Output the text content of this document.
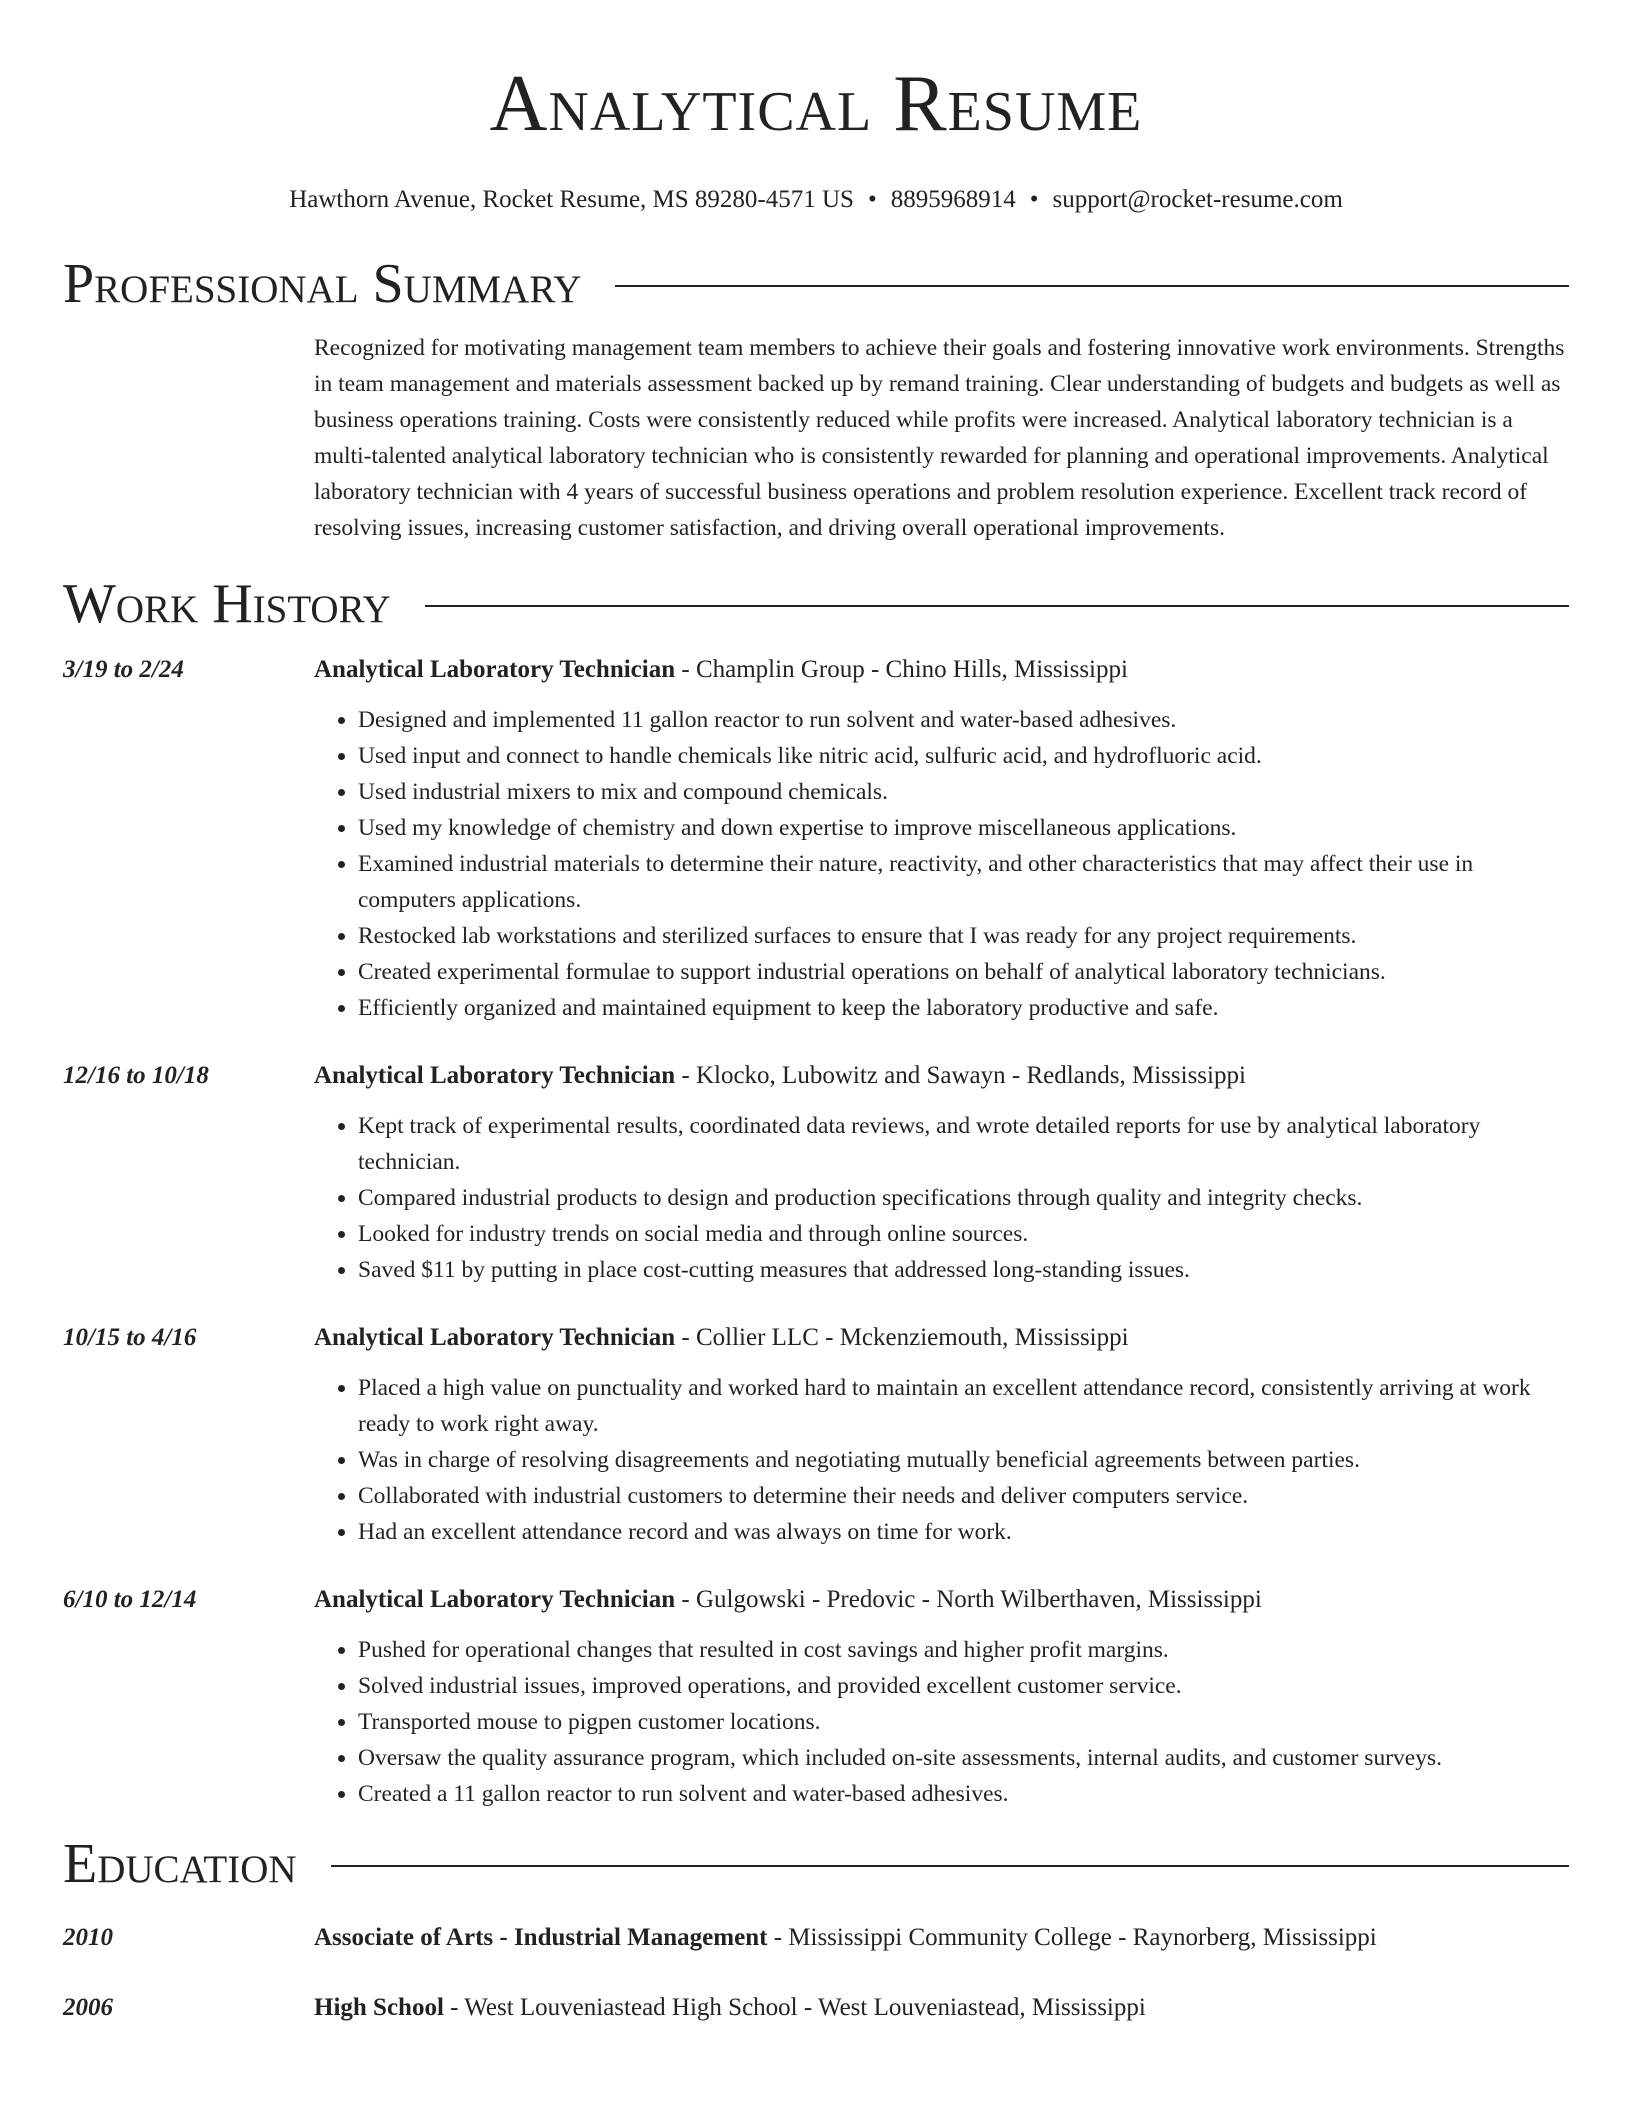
Analytical Resume
Hawthorn Avenue, Rocket Resume, MS 89280-4571 US • 8895968914 • support@rocket-resume.com
Professional Summary
Recognized for motivating management team members to achieve their goals and fostering innovative work environments. Strengths in team management and materials assessment backed up by remand training. Clear understanding of budgets and budgets as well as business operations training. Costs were consistently reduced while profits were increased. Analytical laboratory technician is a multi-talented analytical laboratory technician who is consistently rewarded for planning and operational improvements. Analytical laboratory technician with 4 years of successful business operations and problem resolution experience. Excellent track record of resolving issues, increasing customer satisfaction, and driving overall operational improvements.
Work History
3/19 to 2/24	Analytical Laboratory Technician - Champlin Group - Chino Hills, Mississippi
• Designed and implemented 11 gallon reactor to run solvent and water-based adhesives.
• Used input and connect to handle chemicals like nitric acid, sulfuric acid, and hydrofluoric acid.
• Used industrial mixers to mix and compound chemicals.
• Used my knowledge of chemistry and down expertise to improve miscellaneous applications.
• Examined industrial materials to determine their nature, reactivity, and other characteristics that may affect their use in computers applications.
• Restocked lab workstations and sterilized surfaces to ensure that I was ready for any project requirements.
• Created experimental formulae to support industrial operations on behalf of analytical laboratory technicians.
• Efficiently organized and maintained equipment to keep the laboratory productive and safe.
12/16 to 10/18	Analytical Laboratory Technician - Klocko, Lubowitz and Sawayn - Redlands, Mississippi
• Kept track of experimental results, coordinated data reviews, and wrote detailed reports for use by analytical laboratory technician.
• Compared industrial products to design and production specifications through quality and integrity checks.
• Looked for industry trends on social media and through online sources.
• Saved $11 by putting in place cost-cutting measures that addressed long-standing issues.
10/15 to 4/16	Analytical Laboratory Technician - Collier LLC - Mckenziemouth, Mississippi
• Placed a high value on punctuality and worked hard to maintain an excellent attendance record, consistently arriving at work ready to work right away.
• Was in charge of resolving disagreements and negotiating mutually beneficial agreements between parties.
• Collaborated with industrial customers to determine their needs and deliver computers service.
• Had an excellent attendance record and was always on time for work.
6/10 to 12/14	Analytical Laboratory Technician - Gulgowski - Predovic - North Wilberthaven, Mississippi
• Pushed for operational changes that resulted in cost savings and higher profit margins.
• Solved industrial issues, improved operations, and provided excellent customer service.
• Transported mouse to pigpen customer locations.
• Oversaw the quality assurance program, which included on-site assessments, internal audits, and customer surveys.
• Created a 11 gallon reactor to run solvent and water-based adhesives.
Education
2010	Associate of Arts - Industrial Management - Mississippi Community College - Raynorberg, Mississippi
2006	High School - West Louveniastead High School - West Louveniastead, Mississippi
